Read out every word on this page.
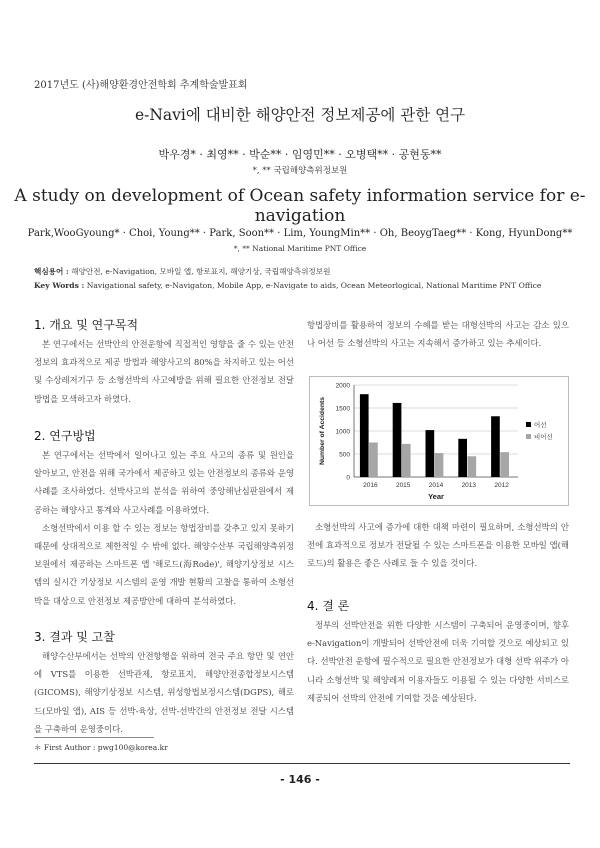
2017년도 (사)해양환경안전학회 추계학술발표회
e-Navi에 대비한 해양안전 정보제공에 관한 연구
박우경* · 최영** · 박순** · 임영민** · 오병택** · 공현동**
*, ** 국립해양측위정보원
A study on development of Ocean safety information service for e-navigation
Park,WooGyoung* · Choi, Young** · Park, Soon** · Lim, YoungMin** · Oh, BeoygTaeg** · Kong, HyunDong**
*, ** National Maritime PNT Office
핵심용어 : 해양안전, e-Navigation, 모바일 앱, 항로표지, 해양기상, 국립해양측위정보원
Key Words : Navigational safety, e-Navigaton, Mobile App, e-Navigate to aids, Ocean Meteorlogical, National Maritime PNT Office
1. 개요 및 연구목적
본 연구에서는 선박안의 안전운항에 직접적인 영향을 줄 수 있는 안전정보의 효과적으로 제공 방법과 해양사고의 80%을 차지하고 있는 어선 및 수상레저기구 등 소형선박의 사고예방을 위해 필요한 안전정보 전달 방법을 모색하고자 하였다.
2. 연구방법
본 연구에서는 선박에서 일어나고 있는 주요 사고의 종류 및 원인을 알아보고, 안전을 위해 국가에서 제공하고 있는 안전정보의 종류와 운영사례를 조사하였다. 선박사고의 분석을 위하여 중앙해난심판원에서 제공하는 해양사고 통계와 사고사례를 이용하였다.
소형선박에서 이용 할 수 있는 정보는 항법장비를 갖추고 있지 못하기 때문에 상대적으로 제한적일 수 밖에 없다. 해양수산부 국립해양측위정보원에서 제공하는 스마트폰 앱 '해로드(海Rode)', 해양기상정보 시스템의 실시간 기상정보 시스템의 운영 개발 현황의 고찰을 통하여 소형선박을 대상으로 안전정보 제공방안에 대하여 분석하였다.
3. 결과 및 고찰
해양수산부에서는 선박의 안전항행을 위하여 전국 주요 항만 및 연안에 VTS를 이용한 선박관제, 항로표지, 해양안전종합정보시스템(GICOMS), 해양기상정보 시스템, 위성항법보정시스템(DGPS), 해로드(모바일 앱), AIS 등 선박-육상, 선박-선박간의 안전정보 전달 시스템을 구축하여 운영중이다.
항법장비를 활용하여 정보의 수혜를 받는 대형선박의 사고는 감소 있으나 어선 등 소형선박의 사고는 지속해서 증가하고 있는 추세이다.
0
500
1000
1500
2000
2016	2015	2014	2013	2012
Year
Number of Accidents	어선
비어선
소형선박의 사고에 증가에 대한 대책 마련이 필요하며, 소형선박의 안전에 효과적으로 정보가 전달될 수 있는 스마트폰을 이용한 모바일 앱(해로드)의 활용은 좋은 사례로 들 수 있을 것이다.
4. 결 론
정부의 선박안전을 위한 다양한 시스템이 구축되어 운영중이며, 향후 e-Navigation이 개발되어 선박안전에 더욱 기여할 것으로 예상되고 있다. 선박안전 운항에 필수적으로 필요한 안전정보가 대형 선박 위주가 아니라 소형선박 및 해양레저 이용자들도 이용될 수 있는 다양한 서비스로 제공되어 선박의 안전에 기여할 것을 예상된다.
＊ First Author : pwg100@korea.kr
- 146 -
